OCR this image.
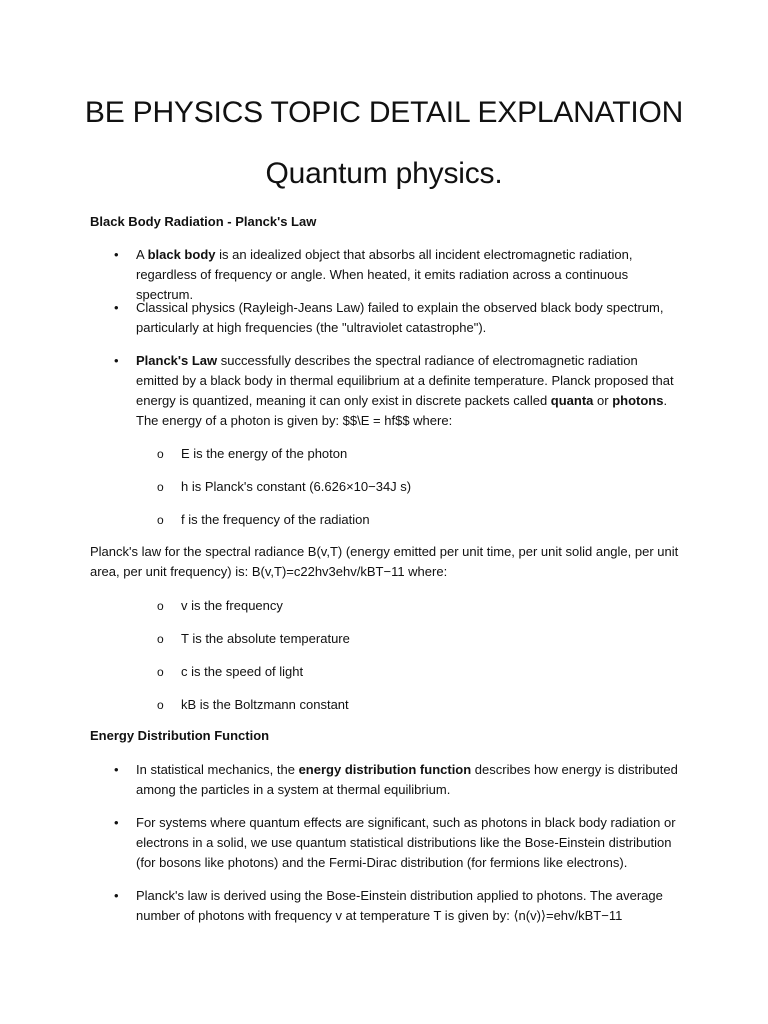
BE PHYSICS TOPIC DETAIL EXPLANATION
Quantum physics.

Black Body Radiation - Planck's Law

•	A black body is an idealized object that absorbs all incident electromagnetic radiation, regardless of frequency or angle. When heated, it emits radiation across a continuous spectrum.
•	Classical physics (Rayleigh-Jeans Law) failed to explain the observed black body spectrum, particularly at high frequencies (the "ultraviolet catastrophe").
•	Planck's Law successfully describes the spectral radiance of electromagnetic radiation emitted by a black body in thermal equilibrium at a definite temperature. Planck proposed that energy is quantized, meaning it can only exist in discrete packets called quanta or photons. The energy of a photon is given by: $$\E = hf$$ where:
o E is the energy of the photon
o h is Planck's constant (6.626×10−34J s)
o f is the frequency of the radiation

Planck's law for the spectral radiance B(v,T) (energy emitted per unit time, per unit solid angle, per unit area, per unit frequency) is: B(v,T)=c22hv3ehv/kBT−11 where:

o v is the frequency
o T is the absolute temperature
o c is the speed of light
o kB is the Boltzmann constant

Energy Distribution Function

•	In statistical mechanics, the energy distribution function describes how energy is distributed among the particles in a system at thermal equilibrium.
•	For systems where quantum effects are significant, such as photons in black body radiation or electrons in a solid, we use quantum statistical distributions like the Bose-Einstein distribution (for bosons like photons) and the Fermi-Dirac distribution (for fermions like electrons).
•	Planck's law is derived using the Bose-Einstein distribution applied to photons. The average number of photons with frequency v at temperature T is given by: ⟨n(v)⟩=ehv/kBT−11
